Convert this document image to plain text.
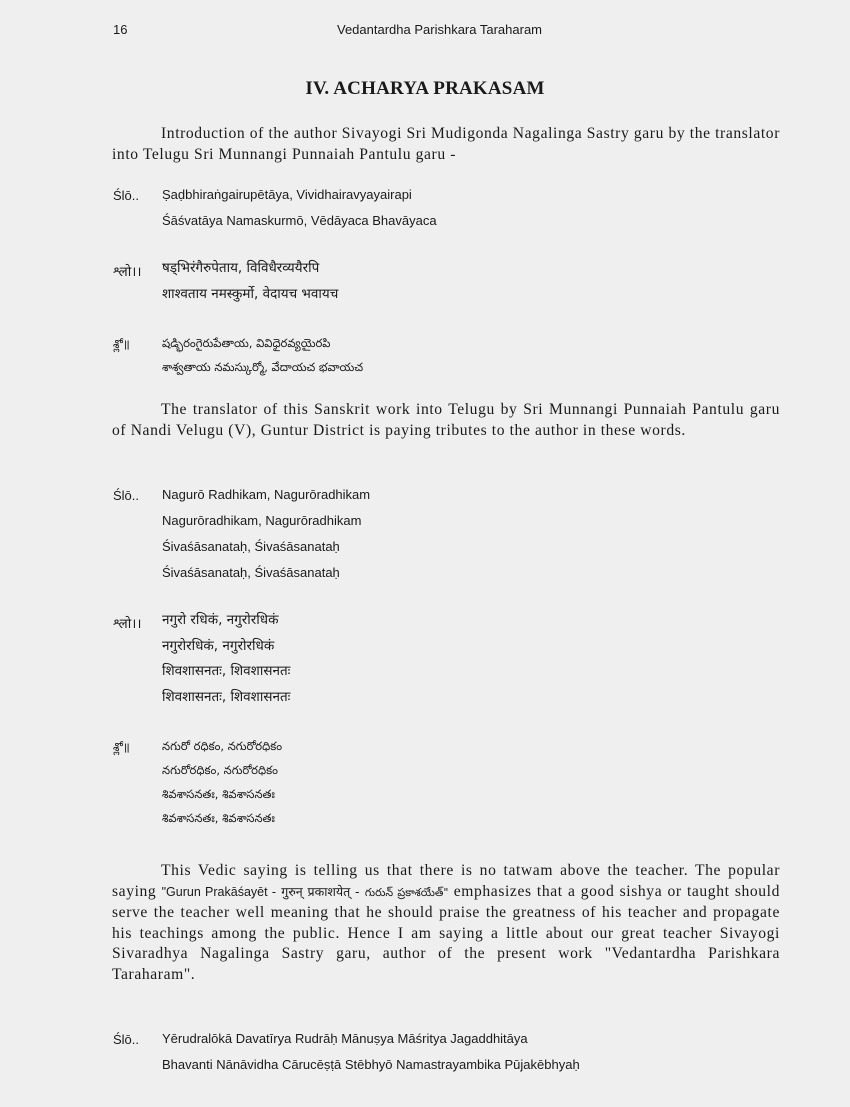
16	Vedantardha Parishkara Taraharam
IV. ACHARYA PRAKASAM
Introduction of the author Sivayogi Sri Mudigonda Nagalinga Sastry garu by the translator into Telugu Sri Munnangi Punnaiah Pantulu garu -
Ślō.. Ṣaḍbhiraṅgairupētāya, Vividhairavyayairapi
Śāśvatāya Namaskurmō, Vēdāyaca Bhavāyaca
श्लो।। षड्भिरंगैरुपेताय, विविधैरव्ययैरपि
शाश्वताय नमस्कुर्मो, वेदायच भवायच
శ్లో॥	షడ్భిరంగైరుపేతాయ, వివిధైరవ్యయైరపి
శాశ్వతాయ నమస్కుర్మో, వేదాయచ భవాయచ
The translator of this Sanskrit work into Telugu by Sri Munnangi Punnaiah Pantulu garu of Nandi Velugu (V), Guntur District is paying tributes to the author in these words.
Ślō.. Nagurō Radhikam, Nagurōradhikam
Nagurōradhikam, Nagurōradhikam
Śivaśāsanataḥ, Śivaśāsanataḥ
Śivaśāsanataḥ, Śivaśāsanataḥ
श्लो।। नगुरो रधिकं, नगुरोरधिकं
नगुरोरधिकं, नगुरोरधिकं
शिवशासनतः, शिवशासनतः
शिवशासनतः, शिवशासनतः
శ్లో॥	నగురో రధికం, నగురోరధికం
నగురోరధికం, నగురోరధికం
శివశాసనతః, శివశాసనతః
శివశాసనతః, శివశాసనతః
This Vedic saying is telling us that there is no tatwam above the teacher. The popular saying "Gurun Prakāśayēt - गुरुन् प्रकाशयेत् - గురున్ ప్రకాశయేత్" emphasizes that a good sishya or taught should serve the teacher well meaning that he should praise the greatness of his teacher and propagate his teachings among the public. Hence I am saying a little about our great teacher Sivayogi Sivaradhya Nagalinga Sastry garu, author of the present work "Vedantardha Parishkara Taraharam".
Ślō.. Yērudralōkā Davatīrya Rudrāḥ Mānuṣya Māśritya Jagaddhitāya
Bhavanti Nānāvidha Cārucēṣṭā Stēbhyō Namastrayambika Pūjakēbhyaḥ
